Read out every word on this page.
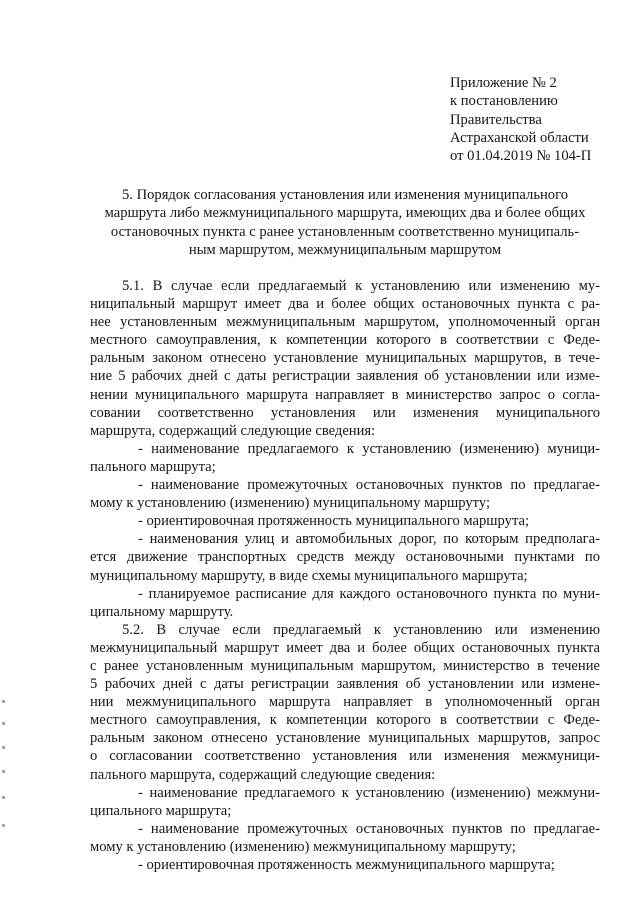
Приложение № 2
к постановлению
Правительства
Астраханской области
от 01.04.2019 № 104-П
5. Порядок согласования установления или изменения муниципального
маршрута либо межмуниципального маршрута, имеющих два и более общих
остановочных пункта с ранее установленным соответственно муниципаль-
ным маршрутом, межмуниципальным маршрутом
5.1. В случае если предлагаемый к установлению или изменению му-
ниципальный маршрут имеет два и более общих остановочных пункта с ра-
нее установленным межмуниципальным маршрутом, уполномоченный орган
местного самоуправления, к компетенции которого в соответствии с Феде-
ральным законом отнесено установление муниципальных маршрутов, в тече-
ние 5 рабочих дней с даты регистрации заявления об установлении или изме-
нении муниципального маршрута направляет в министерство запрос о согла-
совании соответственно установления или изменения муниципального
маршрута, содержащий следующие сведения:
- наименование предлагаемого к установлению (изменению) муници-
пального маршрута;
- наименование промежуточных остановочных пунктов по предлагае-
мому к установлению (изменению) муниципальному маршруту;
- ориентировочная протяженность муниципального маршрута;
- наименования улиц и автомобильных дорог, по которым предполага-
ется движение транспортных средств между остановочными пунктами по
муниципальному маршруту, в виде схемы муниципального маршрута;
- планируемое расписание для каждого остановочного пункта по муни-
ципальному маршруту.
5.2. В случае если предлагаемый к установлению или изменению
межмуниципальный маршрут имеет два и более общих остановочных пункта
с ранее установленным муниципальным маршрутом, министерство в течение
5 рабочих дней с даты регистрации заявления об установлении или измене-
нии межмуниципального маршрута направляет в уполномоченный орган
местного самоуправления, к компетенции которого в соответствии с Феде-
ральным законом отнесено установление муниципальных маршрутов, запрос
о согласовании соответственно установления или изменения межмуници-
пального маршрута, содержащий следующие сведения:
- наименование предлагаемого к установлению (изменению) межмуни-
ципального маршрута;
- наименование промежуточных остановочных пунктов по предлагае-
мому к установлению (изменению) межмуниципальному маршруту;
- ориентировочная протяженность межмуниципального маршрута;
